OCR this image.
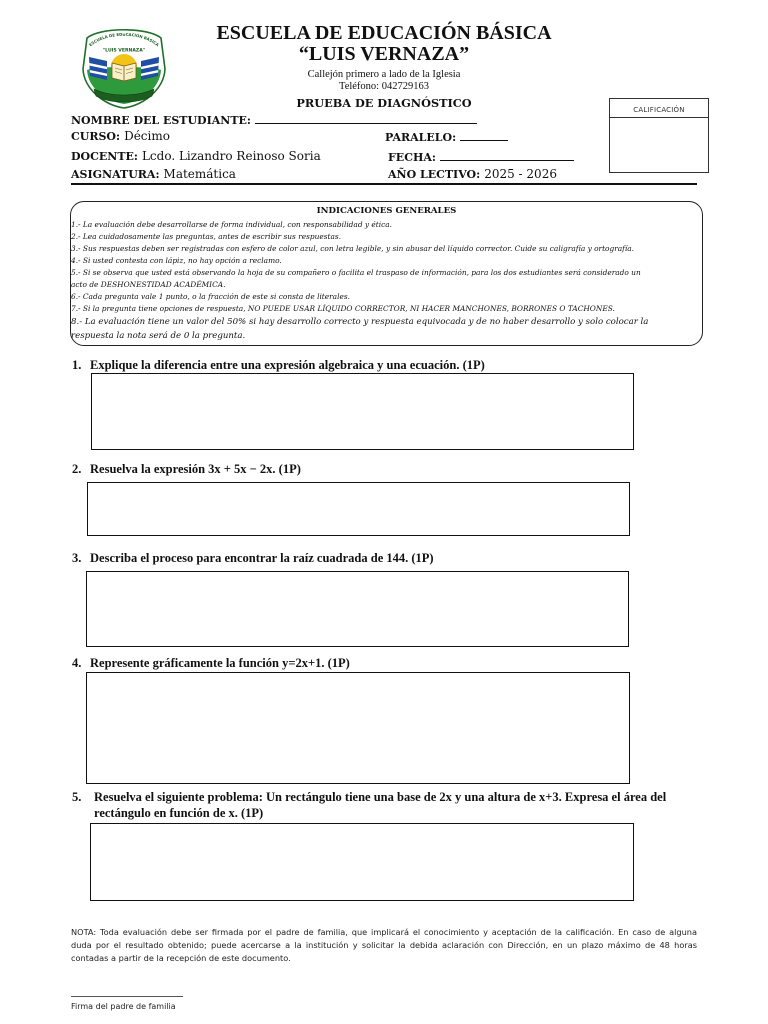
ESCUELA DE EDUCACIÓN BÁSICA
"LUIS VERNAZA"
ESCUELA DE EDUCACIÓN BÁSICA
“LUIS VERNAZA”
Callejón primero a lado de la Iglesia
Teléfono: 042729163
PRUEBA DE DIAGNÓSTICO
CALIFICACIÓN
NOMBRE DEL ESTUDIANTE:
CURSO: Décimo	PARALELO:
DOCENTE: Lcdo. Lizandro Reinoso Soria	FECHA:
ASIGNATURA: Matemática	AÑO LECTIVO: 2025 - 2026
INDICACIONES GENERALES
1.- La evaluación debe desarrollarse de forma individual, con responsabilidad y ética.
2.- Lea cuidadosamente las preguntas, antes de escribir sus respuestas.
3.- Sus respuestas deben ser registradas con esfero de color azul, con letra legible, y sin abusar del líquido corrector. Cuide su caligrafía y ortografía.
4.- Si usted contesta con lápiz, no hay opción a reclamo.
5.- Si se observa que usted está observando la hoja de su compañero o facilita el traspaso de información, para los dos estudiantes será considerado un
acto de DESHONESTIDAD ACADÉMICA.
6.- Cada pregunta vale 1 punto, o la fracción de este si consta de literales.
7.- Si la pregunta tiene opciones de respuesta, NO PUEDE USAR LÍQUIDO CORRECTOR, NI HACER MANCHONES, BORRONES O TACHONES.
8.- La evaluación tiene un valor del 50% si hay desarrollo correcto y respuesta equivocada y de no haber desarrollo y solo colocar la
respuesta la nota será de 0 la pregunta.
1. Explique la diferencia entre una expresión algebraica y una ecuación. (1P)
2. Resuelva la expresión 3x + 5x − 2x. (1P)
3. Describa el proceso para encontrar la raíz cuadrada de 144. (1P)
4. Represente gráficamente la función y=2x+1. (1P)
5. Resuelva el siguiente problema: Un rectángulo tiene una base de 2x y una altura de x+3. Expresa el área del
rectángulo en función de x. (1P)
NOTA: Toda evaluación debe ser firmada por el padre de familia, que implicará el conocimiento y aceptación de la calificación. En caso de alguna
duda por el resultado obtenido; puede acercarse a la institución y solicitar la debida aclaración con Dirección, en un plazo máximo de 48 horas
contadas a partir de la recepción de este documento.
Firma del padre de familia
